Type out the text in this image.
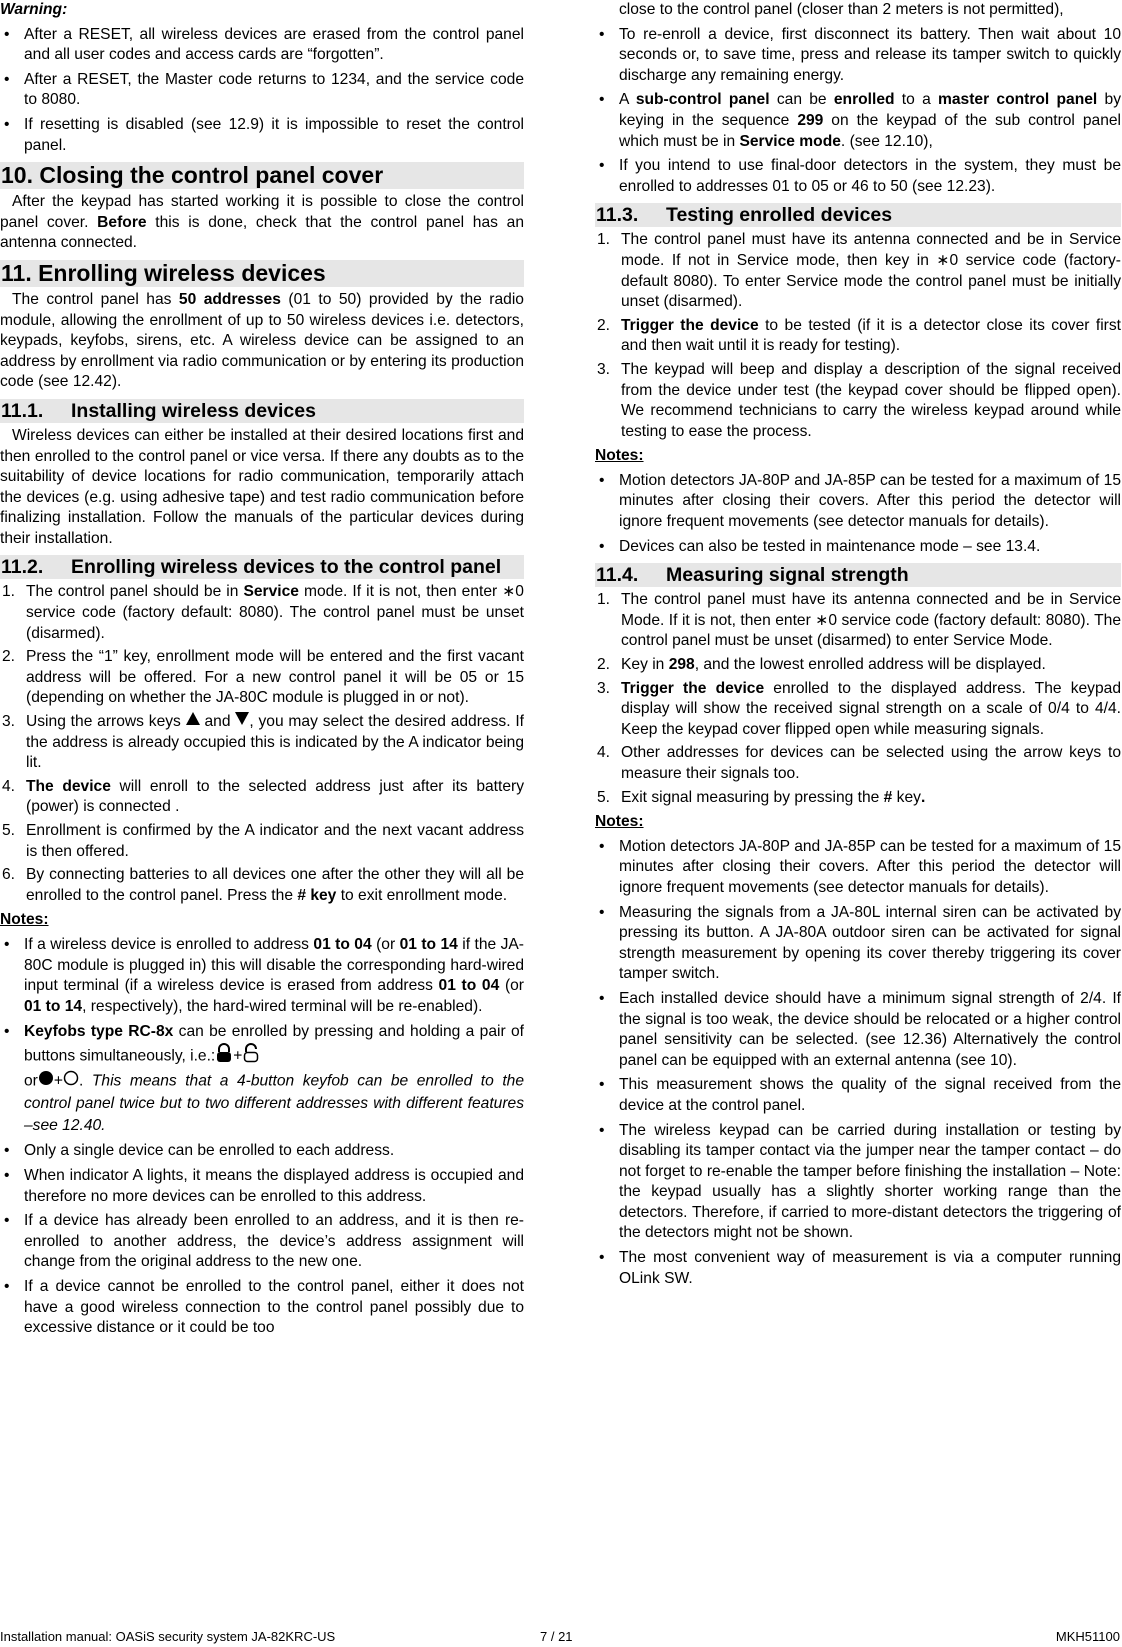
Warning:

• After a RESET, all wireless devices are erased from the control panel and all user codes and access cards are “forgotten”.
• After a RESET, the Master code returns to 1234, and the service code to 8080.
• If resetting is disabled (see 12.9) it is impossible to reset the control panel.
10. Closing the control panel cover

After the keypad has started working it is possible to close the control panel cover. Before this is done, check that the control panel has an antenna connected.

11. Enrolling wireless devices

The control panel has 50 addresses (01 to 50) provided by the radio module, allowing the enrollment of up to 50 wireless devices i.e. detectors, keypads, keyfobs, sirens, etc. A wireless device can be assigned to an address by enrollment via radio communication or by entering its production code (see 12.42).

11.1.	Installing wireless devices

Wireless devices can either be installed at their desired locations first and then enrolled to the control panel or vice versa. If there any doubts as to the suitability of device locations for radio communication, temporarily attach the devices (e.g. using adhesive tape) and test radio communication before finalizing installation. Follow the manuals of the particular devices during their installation.

11.2.	Enrolling wireless devices to the control panel
1. The control panel should be in Service mode. If it is not, then enter ∗0 service code (factory default: 8080). The control panel must be unset (disarmed).
2. Press the “1” key, enrollment mode will be entered and the first vacant address will be offered. For a new control panel it will be 05 or 15 (depending on whether the JA-80C module is plugged in or not).
3. Using the arrows keys  and , you may select the desired address. If the address is already occupied this is indicated by the A indicator being lit.
4. The device will enroll to the selected address just after its battery (power) is connected .
5. Enrollment is confirmed by the A indicator and the next vacant address is then offered.
6. By connecting batteries to all devices one after the other they will all be enrolled to the control panel. Press the # key to exit enrollment mode.

Notes:

• If a wireless device is enrolled to address 01 to 04 (or 01 to 14 if the JA-80C module is plugged in) this will disable the corresponding hard-wired input terminal (if a wireless device is erased from address 01 to 04 (or 01 to 14, respectively), the hard-wired terminal will be re-enabled).
• Keyfobs type RC-8x can be enrolled by pressing and holding a pair of buttons simultaneously, i.e.: +
or + . This means that a 4-button keyfob can be enrolled to the control panel twice but to two different addresses with different features –see 12.40.
• Only a single device can be enrolled to each address.
• When indicator A lights, it means the displayed address is occupied and therefore no more devices can be enrolled to this address.
• If a device has already been enrolled to an address, and it is then re-enrolled to another address, the device’s address assignment will change from the original address to the new one.
• If a device cannot be enrolled to the control panel, either it does not have a good wireless connection to the control panel possibly due to excessive distance or it could be too
close to the control panel (closer than 2 meters is not permitted),
• To re-enroll a device, first disconnect its battery. Then wait about 10 seconds or, to save time, press and release its tamper switch to quickly discharge any remaining energy.
• A sub-control panel can be enrolled to a master control panel by keying in the sequence 299 on the keypad of the sub control panel which must be in Service mode. (see 12.10),
• If you intend to use final-door detectors in the system, they must be enrolled to addresses 01 to 05 or 46 to 50 (see 12.23).
11.3.	Testing enrolled devices
1. The control panel must have its antenna connected and be in Service mode. If not in Service mode, then key in ∗0 service code (factory-default 8080). To enter Service mode the control panel must be initially unset (disarmed).
2. Trigger the device to be tested (if it is a detector close its cover first and then wait until it is ready for testing).
3. The keypad will beep and display a description of the signal received from the device under test (the keypad cover should be flipped open). We recommend technicians to carry the wireless keypad around while testing to ease the process.

Notes:

• Motion detectors JA-80P and JA-85P can be tested for a maximum of 15 minutes after closing their covers. After this period the detector will ignore frequent movements (see detector manuals for details).
• Devices can also be tested in maintenance mode – see 13.4.
11.4.	Measuring signal strength
1. The control panel must have its antenna connected and be in Service Mode. If it is not, then enter ∗0 service code (factory default: 8080). The control panel must be unset (disarmed) to enter Service Mode.
2. Key in 298, and the lowest enrolled address will be displayed.
3. Trigger the device enrolled to the displayed address. The keypad display will show the received signal strength on a scale of 0/4 to 4/4. Keep the keypad cover flipped open while measuring signals.
4. Other addresses for devices can be selected using the arrow keys to measure their signals too.
5. Exit signal measuring by pressing the # key.

Notes:

• Motion detectors JA-80P and JA-85P can be tested for a maximum of 15 minutes after closing their covers. After this period the detector will ignore frequent movements (see detector manuals for details).
• Measuring the signals from a JA-80L internal siren can be activated by pressing its button. A JA-80A outdoor siren can be activated for signal strength measurement by opening its cover thereby triggering its cover tamper switch.
• Each installed device should have a minimum signal strength of 2/4. If the signal is too weak, the device should be relocated or a higher control panel sensitivity can be selected. (see 12.36) Alternatively the control panel can be equipped with an external antenna (see 10).
• This measurement shows the quality of the signal received from the device at the control panel.
• The wireless keypad can be carried during installation or testing by disabling its tamper contact via the jumper near the tamper contact – do not forget to re-enable the tamper before finishing the installation – Note: the keypad usually has a slightly shorter working range than the detectors. Therefore, if carried to more-distant detectors the triggering of the detectors might not be shown.
• The most convenient way of measurement is via a computer running OLink SW.
Installation manual: OASiS security system JA-82KRC-US	7 / 21	MKH51100
